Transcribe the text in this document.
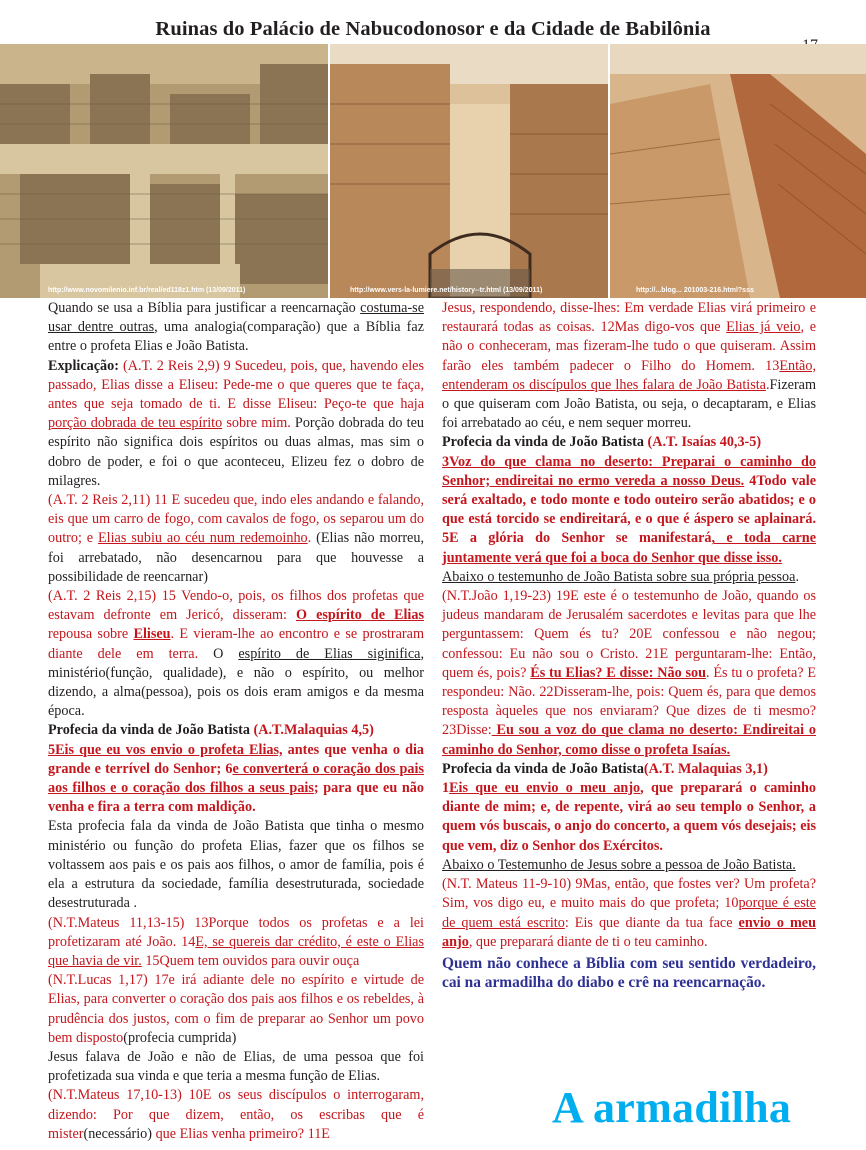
Ruinas do Palácio de Nabucodonosor e da Cidade de Babilônia
http://www.novomilenio.inf.br/real/ed118z1.htm (13/09/2011)	http://www.vers-la-lumiere.net/history--tr.html (13/09/2011)	http://...blog... 201003-216.html?sss

Quando se usa a Bíblia para justificar a reencarnação costuma-se usar dentre outras, uma analogia(comparação) que a Bíblia faz entre o profeta Elias e João Batista.

Explicação: (A.T. 2 Reis 2,9) 9 Sucedeu, pois, que, havendo eles passado, Elias disse a Eliseu: Pede-me o que queres que te faça, antes que seja tomado de ti. E disse Eliseu: Peço-te que haja porção dobrada de teu espírito sobre mim. Porção dobrada do teu espírito não significa dois espíritos ou duas almas, mas sim o dobro de poder, e foi o que aconteceu, Elizeu fez o dobro de milagres.

(A.T. 2 Reis 2,11) 11 E sucedeu que, indo eles andando e falando, eis que um carro de fogo, com cavalos de fogo, os separou um do outro; e Elias subiu ao céu num redemoinho. (Elias não morreu, foi arrebatado, não desencarnou para que houvesse a possibilidade de reencarnar)

(A.T. 2 Reis 2,15) 15 Vendo-o, pois, os filhos dos profetas que estavam defronte em Jericó, disseram: O espírito de Elias repousa sobre Eliseu. E vieram-lhe ao encontro e se prostraram diante dele em terra. O espírito de Elias siginifica, ministério(função, qualidade), e não o espírito, ou melhor dizendo, a alma(pessoa), pois os dois eram amigos e da mesma época.

Profecia da vinda de João Batista (A.T.Malaquias 4,5)
5Eis que eu vos envio o profeta Elias, antes que venha o dia grande e terrível do Senhor; 6e converterá o coração dos pais aos filhos e o coração dos filhos a seus pais; para que eu não venha e fira a terra com maldição.

Esta profecia fala da vinda de João Batista que tinha o mesmo ministério ou função do profeta Elias, fazer que os filhos se voltassem aos pais e os pais aos filhos, o amor de família, pois é ela a estrutura da sociedade, família desestruturada, sociedade desestruturada .

(N.T.Mateus 11,13-15) 13Porque todos os profetas e a lei profetizaram até João. 14E, se quereis dar crédito, é este o Elias que havia de vir. 15Quem tem ouvidos para ouvir ouça

(N.T.Lucas 1,17) 17e irá adiante dele no espírito e virtude de Elias, para converter o coração dos pais aos filhos e os rebeldes, à prudência dos justos, com o fim de preparar ao Senhor um povo bem disposto(profecia cumprida)

Jesus falava de João e não de Elias, de uma pessoa que foi profetizada sua vinda e que teria a mesma função de Elias.

(N.T.Mateus 17,10-13) 10E os seus discípulos o interrogaram, dizendo: Por que dizem, então, os escribas que é mister(necessário) que Elias venha primeiro? 11E

Jesus, respondendo, disse-lhes: Em verdade Elias virá primeiro e restaurará todas as coisas. 12Mas digo-vos que Elias já veio, e não o conheceram, mas fizeram-lhe tudo o que quiseram. Assim farão eles também padecer o Filho do Homem. 13Então, entenderam os discípulos que lhes falara de João Batista.Fizeram o que quiseram com João Batista, ou seja, o decaptaram, e Elias foi arrebatado ao céu, e nem sequer morreu.

Profecia da vinda de João Batista (A.T. Isaías 40,3-5)
3Voz do que clama no deserto: Preparai o caminho do Senhor; endireitai no ermo vereda a nosso Deus. 4Todo vale será exaltado, e todo monte e todo outeiro serão abatidos; e o que está torcido se endireitará, e o que é áspero se aplainará. 5E a glória do Senhor se manifestará, e toda carne juntamente verá que foi a boca do Senhor que disse isso.

Abaixo o testemunho de João Batista sobre sua própria pessoa.

(N.T.João 1,19-23) 19E este é o testemunho de João, quando os judeus mandaram de Jerusalém sacerdotes e levitas para que lhe perguntassem: Quem és tu? 20E confessou e não negou; confessou: Eu não sou o Cristo. 21E perguntaram-lhe: Então, quem és, pois? És tu Elias? E disse: Não sou. És tu o profeta? E respondeu: Não. 22Disseram-lhe, pois: Quem és, para que demos resposta àqueles que nos enviaram? Que dizes de ti mesmo? 23Disse: Eu sou a voz do que clama no deserto: Endireitai o caminho do Senhor, como disse o profeta Isaías.

Profecia da vinda de João Batista(A.T. Malaquias 3,1)
1Eis que eu envio o meu anjo, que preparará o caminho diante de mim; e, de repente, virá ao seu templo o Senhor, a quem vós buscais, o anjo do concerto, a quem vós desejais; eis que vem, diz o Senhor dos Exércitos.

Abaixo o Testemunho de Jesus sobre a pessoa de João Batista.

(N.T. Mateus 11-9-10) 9Mas, então, que fostes ver? Um profeta? Sim, vos digo eu, e muito mais do que profeta; 10porque é este de quem está escrito: Eis que diante da tua face envio o meu anjo, que preparará diante de ti o teu caminho.

Quem não conhece a Bíblia com seu sentido verdadeiro, cai na armadilha do diabo e crê na reencarnação.

A armadilha
